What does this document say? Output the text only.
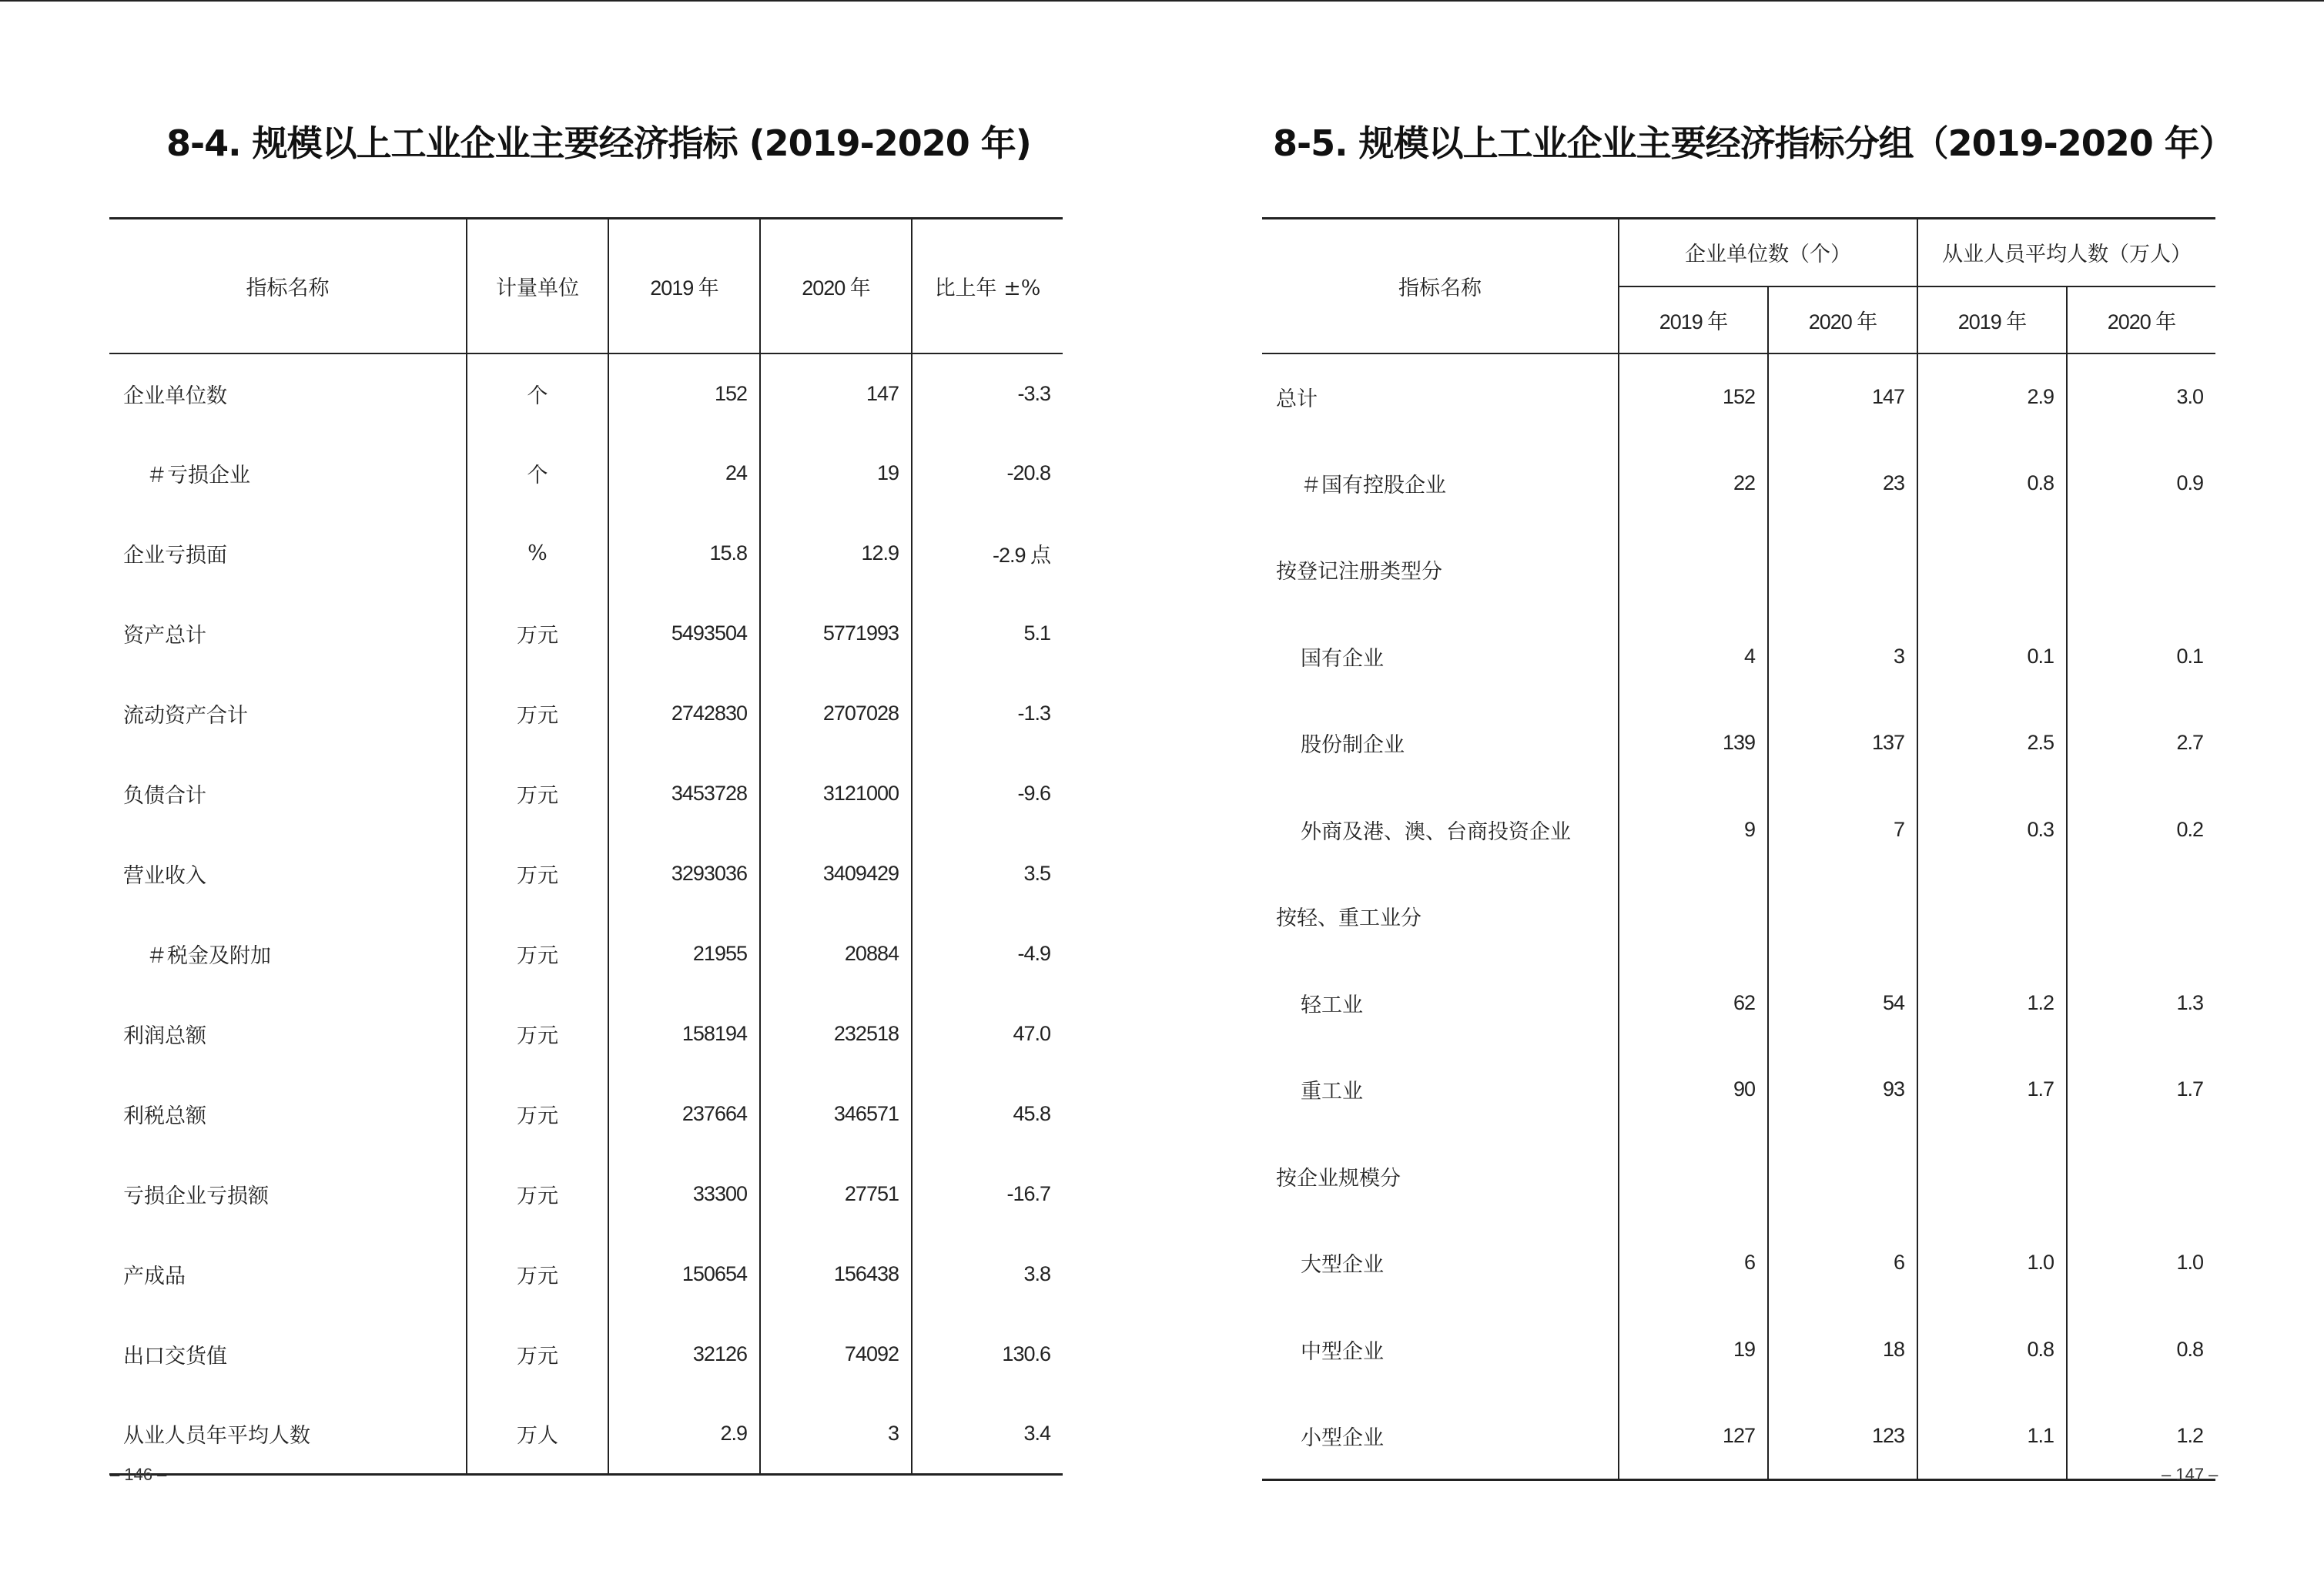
8-4. 规模以上工业企业主要经济指标 (2019-2020 年)
指标名称	计量单位	2019 年	2020 年	比上年 ±%
企业单位数	个	152	147	-3.3
＃亏损企业	个	24	19	-20.8
企业亏损面	%	15.8	12.9	-2.9 点
资产总计	万元	5493504	5771993	5.1
流动资产合计	万元	2742830	2707028	-1.3
负债合计	万元	3453728	3121000	-9.6
营业收入	万元	3293036	3409429	3.5
＃税金及附加	万元	21955	20884	-4.9
利润总额	万元	158194	232518	47.0
利税总额	万元	237664	346571	45.8
亏损企业亏损额	万元	33300	27751	-16.7
产成品	万元	150654	156438	3.8
出口交货值	万元	32126	74092	130.6
从业人员年平均人数	万人	2.9	3	3.4
– 146 –
8-5. 规模以上工业企业主要经济指标分组（2019-2020 年）
指标名称	企业单位数（个）		从业人员平均人数（万人）	
	2019 年	2020 年	2019 年	2020 年
总计	152	147	2.9	3.0
＃国有控股企业	22	23	0.8	0.9
按登记注册类型分				
国有企业	4	3	0.1	0.1
股份制企业	139	137	2.5	2.7
外商及港、澳、台商投资企业	9	7	0.3	0.2
按轻、重工业分				
轻工业	62	54	1.2	1.3
重工业	90	93	1.7	1.7
按企业规模分				
大型企业	6	6	1.0	1.0
中型企业	19	18	0.8	0.8
小型企业	127	123	1.1	1.2
– 147 –
